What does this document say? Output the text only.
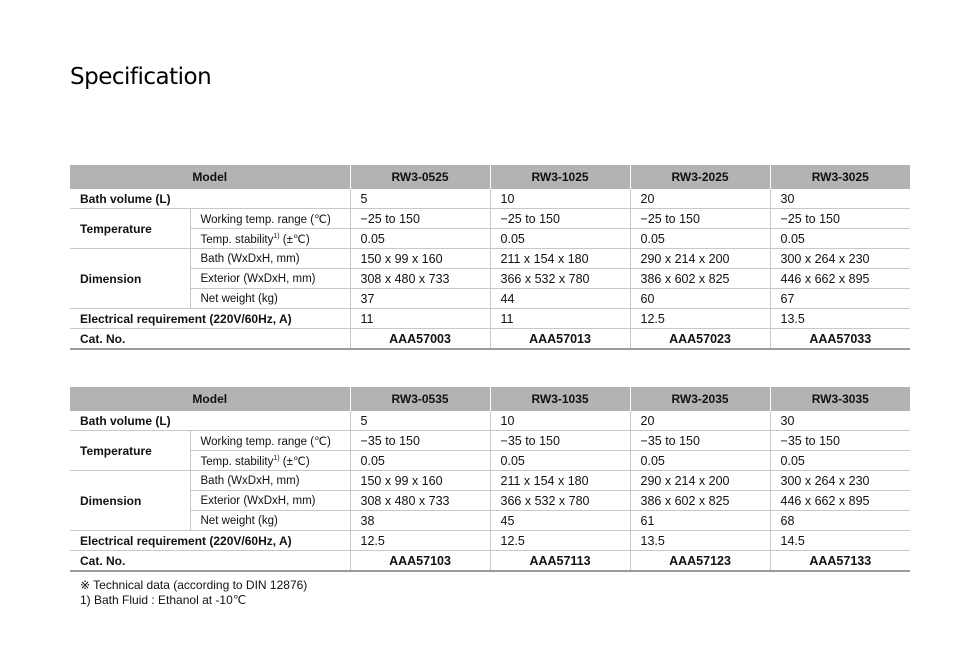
Specification
Model		RW3-0525	RW3-1025	RW3-2025	RW3-3025
Bath volume (L)		5	10	20	30
Temperature	Working temp. range (℃)	−25 to 150	−25 to 150	−25 to 150	−25 to 150
	Temp. stability$^{1)}$ (±℃)	0.05	0.05	0.05	0.05
Dimension	Bath (WxDxH, mm)	150 x 99 x 160	211 x 154 x 180	290 x 214 x 200	300 x 264 x 230
	Exterior (WxDxH, mm)	308 x 480 x 733	366 x 532 x 780	386 x 602 x 825	446 x 662 x 895
	Net weight (kg)	37	44	60	67
Electrical requirement (220V/60Hz, A)		11	11	12.5	13.5
Cat. No.		AAA57003	AAA57013	AAA57023	AAA57033
Model		RW3-0535	RW3-1035	RW3-2035	RW3-3035
Bath volume (L)		5	10	20	30
Temperature	Working temp. range (℃)	−35 to 150	−35 to 150	−35 to 150	−35 to 150
	Temp. stability$^{1)}$ (±℃)	0.05	0.05	0.05	0.05
Dimension	Bath (WxDxH, mm)	150 x 99 x 160	211 x 154 x 180	290 x 214 x 200	300 x 264 x 230
	Exterior (WxDxH, mm)	308 x 480 x 733	366 x 532 x 780	386 x 602 x 825	446 x 662 x 895
	Net weight (kg)	38	45	61	68
Electrical requirement (220V/60Hz, A)		12.5	12.5	13.5	14.5
Cat. No.		AAA57103	AAA57113	AAA57123	AAA57133
※ Technical data (according to DIN 12876)
1) Bath Fluid : Ethanol at -10℃
